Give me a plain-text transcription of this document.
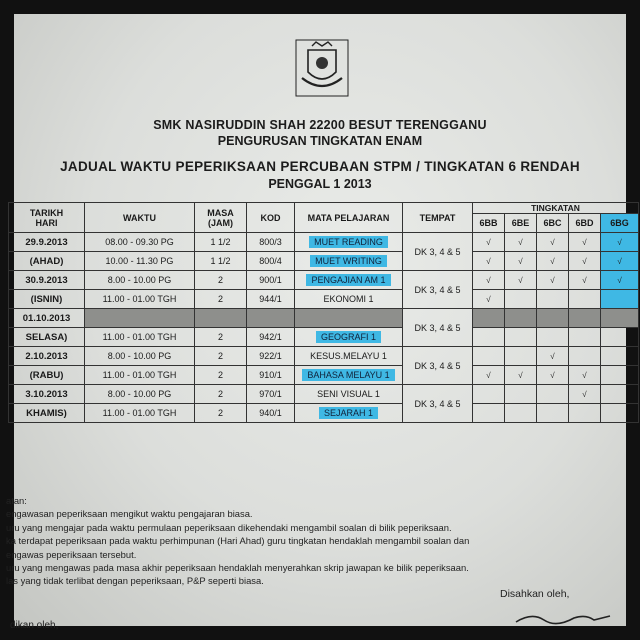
SMK NASIRUDDIN SHAH 22200 BESUT TERENGGANU
PENGURUSAN TINGKATAN ENAM
JADUAL WAKTU PEPERIKSAAN PERCUBAAN STPM / TINGKATAN 6 RENDAH
PENGGAL 1 2013
TARIKH
HARI	WAKTU	MASA
(JAM)	KOD	MATA PELAJARAN	TEMPAT	TINGKATAN				
						6BB	6BE	6BC	6BD	6BG
29.9.2013	08.00 - 09.30 PG	1 1/2	800/3	MUET READING	DK 3, 4 & 5	√	√	√	√	√
(AHAD)	10.00 - 11.30 PG	1 1/2	800/4	MUET WRITING		√	√	√	√	√
30.9.2013	8.00 - 10.00 PG	2	900/1	PENGAJIAN AM 1	DK 3, 4 & 5	√	√	√	√	√
(ISNIN)	11.00 - 01.00 TGH	2	944/1	EKONOMI 1		√				
01.10.2013					DK 3, 4 & 5					
SELASA)	11.00 - 01.00 TGH	2	942/1	GEOGRAFI 1						
2.10.2013	8.00 - 10.00 PG	2	922/1	KESUS.MELAYU 1	DK 3, 4 & 5			√		
(RABU)	11.00 - 01.00 TGH	2	910/1	BAHASA MELAYU 1		√	√	√	√	
3.10.2013	8.00 - 10.00 PG	2	970/1	SENI VISUAL 1	DK 3, 4 & 5				√	
KHAMIS)	11.00 - 01.00 TGH	2	940/1	SEJARAH 1						
atan:
engawasan peperiksaan mengikut waktu pengajaran biasa.
uru yang mengajar pada waktu permulaan peperiksaan dikehendaki mengambil soalan di bilik peperiksaan.
ka terdapat peperiksaan pada waktu perhimpunan (Hari Ahad) guru tingkatan hendaklah mengambil soalan dan
engawas peperiksaan tersebut.
uru yang mengawas pada masa akhir peperiksaan hendaklah menyerahkan skrip jawapan ke bilik peperiksaan.
las yang tidak terlibat dengan peperiksaan, P&P seperti biasa.
Disahkan oleh,
dikan oleh,
